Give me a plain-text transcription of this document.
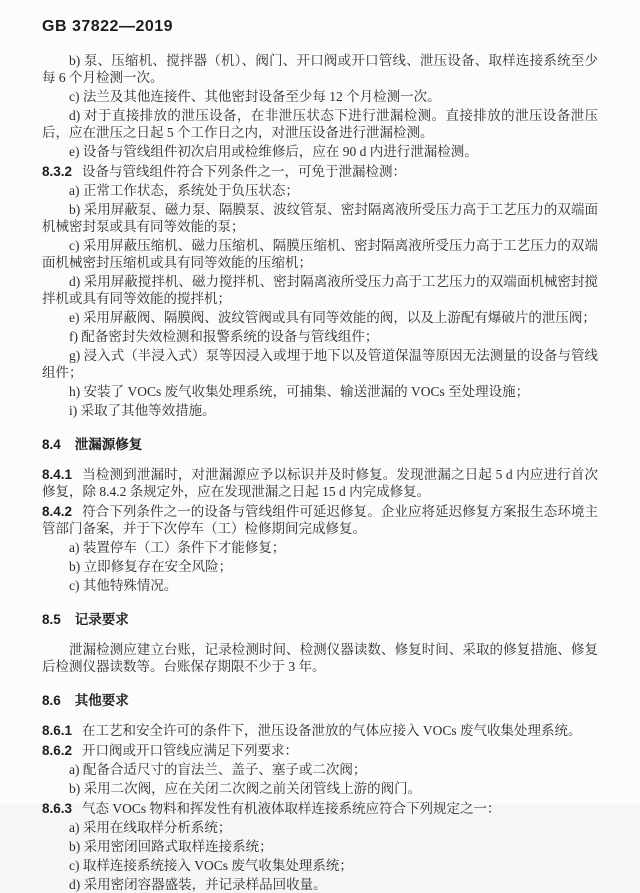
GB 37822—2019

b) 泵、压缩机、搅拌器（机）、阀门、开口阀或开口管线、泄压设备、取样连接系统至少每 6 个月检测一次。

c) 法兰及其他连接件、其他密封设备至少每 12 个月检测一次。

d) 对于直接排放的泄压设备，在非泄压状态下进行泄漏检测。直接排放的泄压设备泄压后，应在泄压之日起 5 个工作日之内，对泄压设备进行泄漏检测。

e) 设备与管线组件初次启用或检维修后，应在 90 d 内进行泄漏检测。

8.3.2 设备与管线组件符合下列条件之一，可免于泄漏检测：

a) 正常工作状态，系统处于负压状态；

b) 采用屏蔽泵、磁力泵、隔膜泵、波纹管泵、密封隔离液所受压力高于工艺压力的双端面机械密封泵或具有同等效能的泵；

c) 采用屏蔽压缩机、磁力压缩机、隔膜压缩机、密封隔离液所受压力高于工艺压力的双端面机械密封压缩机或具有同等效能的压缩机；

d) 采用屏蔽搅拌机、磁力搅拌机、密封隔离液所受压力高于工艺压力的双端面机械密封搅拌机或具有同等效能的搅拌机；

e) 采用屏蔽阀、隔膜阀、波纹管阀或具有同等效能的阀，以及上游配有爆破片的泄压阀；

f) 配备密封失效检测和报警系统的设备与管线组件；

g) 浸入式（半浸入式）泵等因浸入或埋于地下以及管道保温等原因无法测量的设备与管线组件；

h) 安装了 VOCs 废气收集处理系统，可捕集、输送泄漏的 VOCs 至处理设施；

i) 采取了其他等效措施。

8.4 泄漏源修复

8.4.1 当检测到泄漏时，对泄漏源应予以标识并及时修复。发现泄漏之日起 5 d 内应进行首次修复，除 8.4.2 条规定外，应在发现泄漏之日起 15 d 内完成修复。

8.4.2 符合下列条件之一的设备与管线组件可延迟修复。企业应将延迟修复方案报生态环境主管部门备案，并于下次停车（工）检修期间完成修复。

a) 装置停车（工）条件下才能修复；

b) 立即修复存在安全风险；

c) 其他特殊情况。

8.5 记录要求

泄漏检测应建立台账，记录检测时间、检测仪器读数、修复时间、采取的修复措施、修复后检测仪器读数等。台账保存期限不少于 3 年。

8.6 其他要求

8.6.1 在工艺和安全许可的条件下，泄压设备泄放的气体应接入 VOCs 废气收集处理系统。

8.6.2 开口阀或开口管线应满足下列要求：

a) 配备合适尺寸的盲法兰、盖子、塞子或二次阀；

b) 采用二次阀，应在关闭二次阀之前关闭管线上游的阀门。

8.6.3 气态 VOCs 物料和挥发性有机液体取样连接系统应符合下列规定之一：

a) 采用在线取样分析系统；

b) 采用密闭回路式取样连接系统；

c) 取样连接系统接入 VOCs 废气收集处理系统；

d) 采用密闭容器盛装，并记录样品回收量。
